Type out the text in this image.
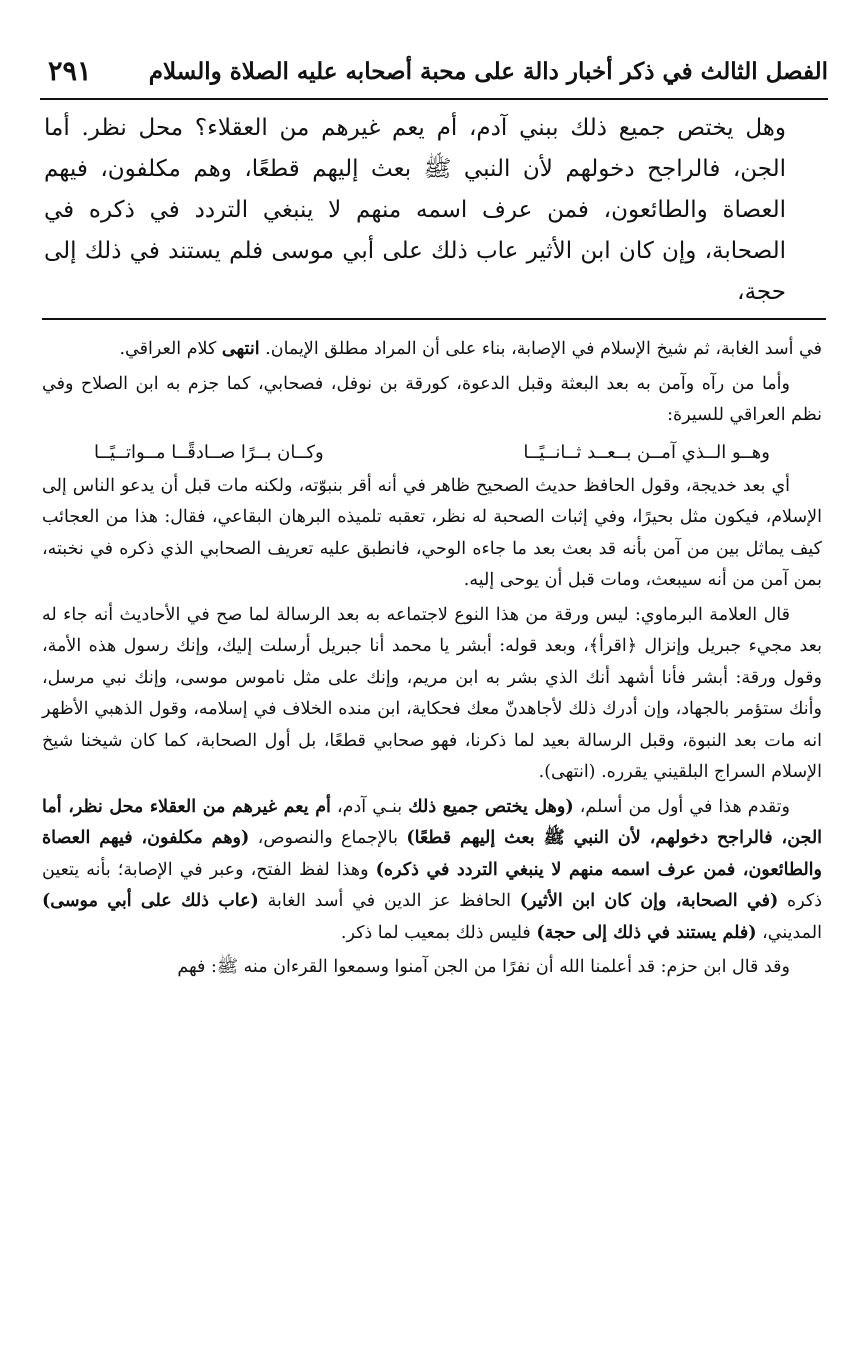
الفصل الثالث في ذكر أخبار دالة على محبة أصحابه عليه الصلاة والسلام
٢٩١
وهل يختص جميع ذلك ببني آدم، أم يعم غيرهم من العقلاء؟ محل نظر. أما الجن، فالراجح دخولهم لأن النبي ﷺ بعث إليهم قطعًا، وهم مكلفون، فيهم العصاة والطائعون، فمن عرف اسمه منهم لا ينبغي التردد في ذكره في الصحابة، وإن كان ابن الأثير عاب ذلك على أبي موسى فلم يستند في ذلك إلى حجة،

في أسد الغابة، ثم شيخ الإسلام في الإصابة، بناء على أن المراد مطلق الإيمان. انتهى كلام العراقي.

وأما من رآه وآمن به بعد البعثة وقبل الدعوة، كورقة بن نوفل، فصحابي، كما جزم به ابن الصلاح وفي نظم العراقي للسيرة:

وهــو الــذي آمــن بــعــد ثــانــيًــا
وكــان بــرًا صــادقًــا مــواتــيًــا

أي بعد خديجة، وقول الحافظ حديث الصحيح ظاهر في أنه أقر بنبوّته، ولكنه مات قبل أن يدعو الناس إلى الإسلام، فيكون مثل بحيرًا، وفي إثبات الصحبة له نظر، تعقبه تلميذه البرهان البقاعي، فقال: هذا من العجائب كيف يماثل بين من آمن بأنه قد بعث بعد ما جاءه الوحي، فانطبق عليه تعريف الصحابي الذي ذكره في نخبته، بمن آمن من أنه سيبعث، ومات قبل أن يوحى إليه.

قال العلامة البرماوي: ليس ورقة من هذا النوع لاجتماعه به بعد الرسالة لما صح في الأحاديث أنه جاء له بعد مجيء جبريل وإنزال ﴿اقرأ﴾، وبعد قوله: أبشر يا محمد أنا جبريل أرسلت إليك، وإنك رسول هذه الأمة، وقول ورقة: أبشر فأنا أشهد أنك الذي بشر به ابن مريم، وإنك على مثل ناموس موسى، وإنك نبي مرسل، وأنك ستؤمر بالجهاد، وإن أدرك ذلك لأجاهدنّ معك فحكاية، ابن منده الخلاف في إسلامه، وقول الذهبي الأظهر انه مات بعد النبوة، وقبل الرسالة بعيد لما ذكرنا، فهو صحابي قطعًا، بل أول الصحابة، كما كان شيخنا شيخ الإسلام السراج البلقيني يقرره. (انتهى).

وتقدم هذا في أول من أسلم، (وهل يختص جميع ذلك بنـي آدم، أم يعم غيرهم من العقلاء محل نظر، أما الجن، فالراجح دخولهم، لأن النبي ﷺ بعث إليهم قطعًا) بالإجماع والنصوص، (وهم مكلفون، فيهم العصاة والطائعون، فمن عرف اسمه منهم لا ينبغي التردد في ذكره) وهذا لفظ الفتح، وعبر في الإصابة؛ بأنه يتعين ذكره (في الصحابة، وإن كان ابن الأثير) الحافظ عز الدين في أسد الغابة (عاب ذلك على أبي موسى) المديني، (فلم يستند في ذلك إلى حجة) فليس ذلك بمعيب لما ذكر.

وقد قال ابن حزم: قد أعلمنا الله أن نفرًا من الجن آمنوا وسمعوا القرءان منه ﷺ: فهم
